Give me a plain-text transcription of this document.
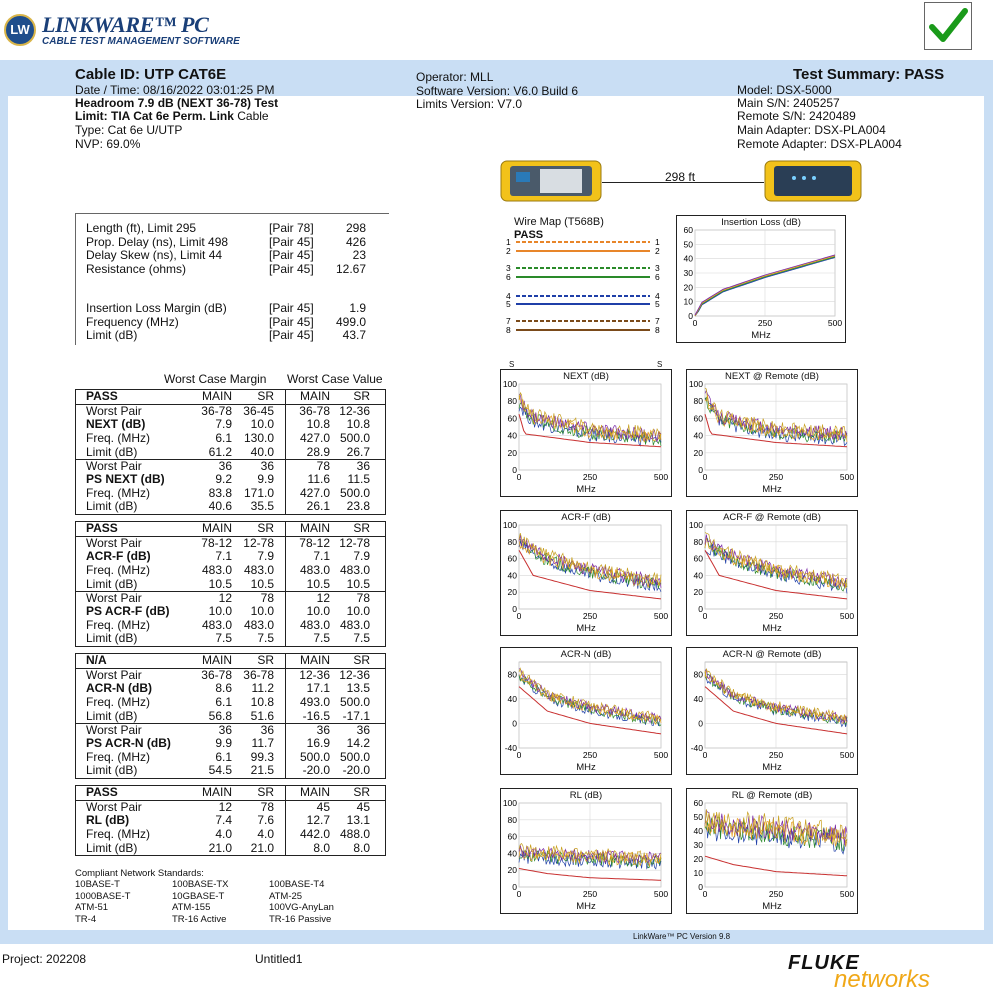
LW LINKWARE™ PC
CABLE TEST MANAGEMENT SOFTWARE
Cable ID: UTP CAT6E
Date / Time: 08/16/2022 03:01:25 PM
Headroom 7.9 dB (NEXT 36-78) Test
Limit: TIA Cat 6e Perm. Link Cable
Type: Cat 6e U/UTP
NVP: 69.0%
Operator: MLL
Software Version: V6.0 Build 6
Limits Version: V7.0
Test Summary: PASS
Model: DSX-5000
Main S/N: 2405257
Remote S/N: 2420489
Main Adapter: DSX-PLA004
Remote Adapter: DSX-PLA004
298 ft
Length (ft), Limit 295	[Pair 78]	298
Prop. Delay (ns), Limit 498	[Pair 45]	426
Delay Skew (ns), Limit 44	[Pair 45]	23
Resistance (ohms)	[Pair 45]	12.67
Insertion Loss Margin (dB)	[Pair 45]	1.9
Frequency (MHz)	[Pair 45]	499.0
Limit (dB)	[Pair 45]	43.7
Worst Case Margin Worst Case Value
PASS	MAIN	SR	MAIN	SR
Worst Pair	36-78 36-45	36-78 12-36
NEXT (dB)	7.9	10.0	10.8	10.8
Freq. (MHz)	6.1 130.0	427.0 500.0
Limit (dB)	61.2	40.0	28.9	26.7
Worst Pair	36	36	78	36
PS NEXT (dB)	9.2	9.9	11.6	11.5
Freq. (MHz)	83.8 171.0	427.0 500.0
Limit (dB)	40.6	35.5	26.1	23.8
PASS	MAIN	SR	MAIN	SR
Worst Pair	78-12 12-78	78-12 12-78
ACR-F (dB)	7.1	7.9	7.1	7.9
Freq. (MHz)	483.0 483.0	483.0 483.0
Limit (dB)	10.5	10.5	10.5	10.5
Worst Pair	12	78	12	78
PS ACR-F (dB)	10.0	10.0	10.0	10.0
Freq. (MHz)	483.0 483.0	483.0 483.0
Limit (dB)	7.5	7.5	7.5	7.5
N/A	MAIN	SR	MAIN	SR
Worst Pair	36-78 36-78	12-36 12-36
ACR-N (dB)	8.6	11.2	17.1	13.5
Freq. (MHz)	6.1	10.8	493.0 500.0
Limit (dB)	56.8	51.6	-16.5	-17.1
Worst Pair	36	36	36	36
PS ACR-N (dB)	9.9	11.7	16.9	14.2
Freq. (MHz)	6.1	99.3	500.0 500.0
Limit (dB)	54.5	21.5	-20.0	-20.0
PASS	MAIN	SR	MAIN	SR
Worst Pair	12	78	45	45
RL (dB)	7.4	7.6	12.7	13.1
Freq. (MHz)	4.0	4.0	442.0 488.0
Limit (dB)	21.0	21.0	8.0	8.0
Compliant Network Standards:
10BASE-T	100BASE-TX	100BASE-T4
1000BASE-T	10GBASE-T	ATM-25
ATM-51	ATM-155	100VG-AnyLan
TR-4	TR-16 Active	TR-16 Passive
Wire Map (T568B)
PASS
1	1
2	2
3	3
6	6
4	4
5	5
7	7
8	8
S	S
Insertion Loss (dB)
MHz
0
10
20
30
40
50
60
0	250	500
NEXT (dB)
MHz
0
20
40
60
80
100
0	250	500
NEXT @ Remote (dB)
MHz
0
20
40
60
80
100
0	250	500
ACR-F (dB)
MHz
0
20
40
60
80
100
0	250	500
ACR-F @ Remote (dB)
MHz
0
20
40
60
80
100
0	250	500
ACR-N (dB)
MHz
-40
0
40
80
0	250	500
ACR-N @ Remote (dB)
MHz
-40
0
40
80
0	250	500
RL (dB)
MHz
0
20
40
60
80
100
0	250	500
RL @ Remote (dB)
MHz
0
10
20
30
40
50
60
0	250	500
LinkWare™ PC Version 9.8
Project: 202208	Untitled1	FLUKE
networks
